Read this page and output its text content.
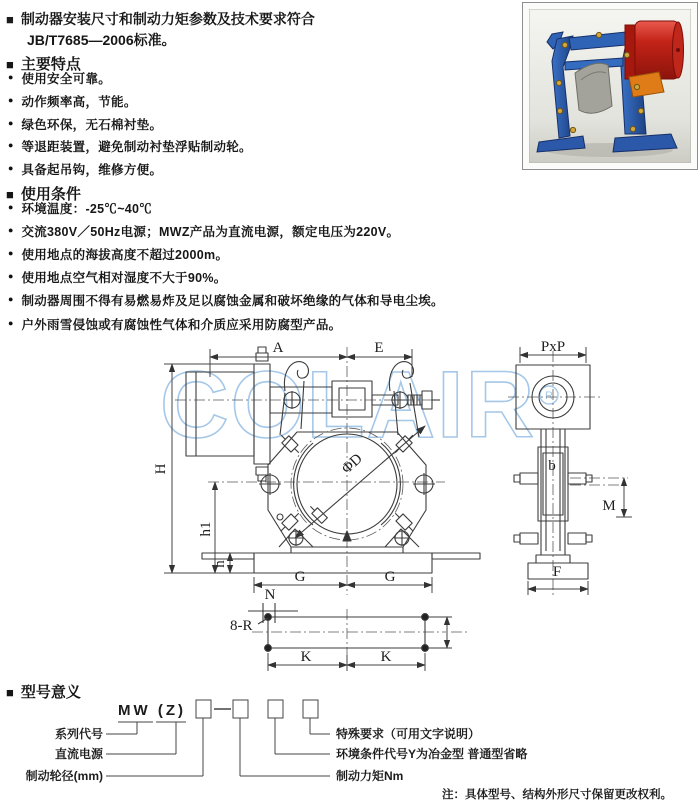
■ 制动器安装尺寸和制动力矩参数及技术要求符合
JB/T7685—2006标准。
■ 主要特点
● 使用安全可靠。
● 动作频率高，节能。
● 绿色环保，无石棉衬垫。
● 等退距装置，避免制动衬垫浮贴制动轮。
● 具备起吊钩，维修方便。
■ 使用条件
● 环境温度：-25℃~40℃
● 交流380V／50Hz电源；MWZ产品为直流电源，额定电压为220V。
● 使用地点的海拔高度不超过2000m。
● 使用地点空气相对湿度不大于90%。
● 制动器周围不得有易燃易炸及足以腐蚀金属和破坏绝缘的气体和导电尘埃。
● 户外雨雪侵蚀或有腐蚀性气体和介质应采用防腐型产品。
COLAIR R
A	E	PxP
H
h1
n
ΦD
G	G
b
M
F
N
8-R
K	K
■ 型号意义
MW (Z)
系列代号
直流电源
制动轮径(mm)
特殊要求（可用文字说明）
环境条件代号Y为冶金型 普通型省略
制动力矩Nm
注：具体型号、结构外形尺寸保留更改权利。
